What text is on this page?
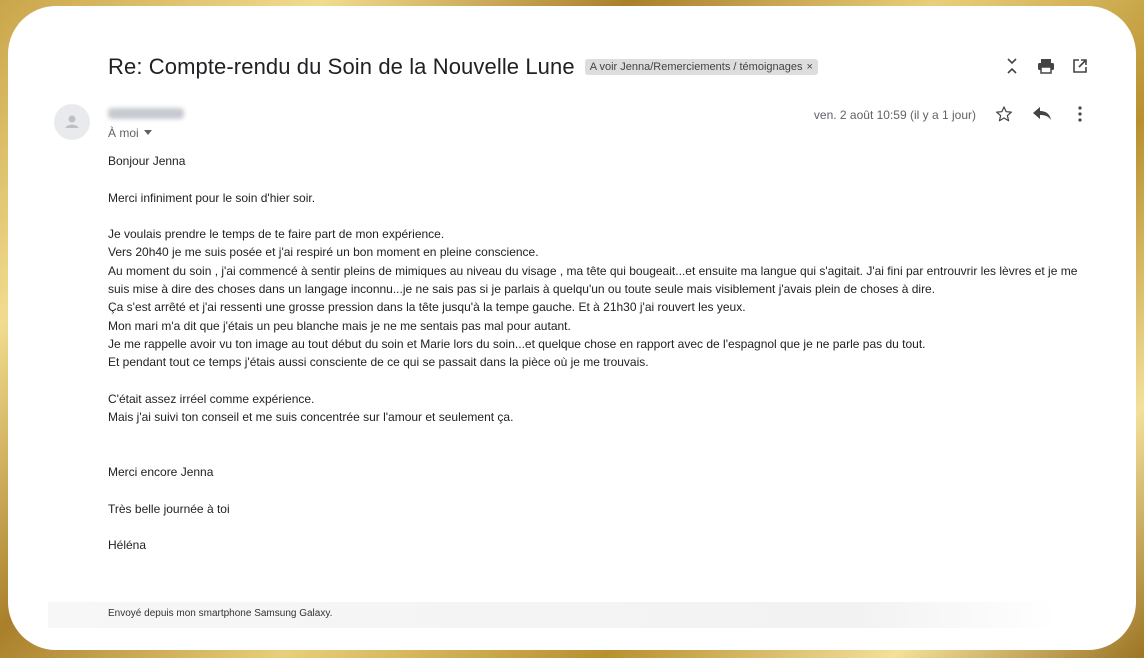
Re: Compte-rendu du Soin de la Nouvelle Lune A voir Jenna/Remerciements / témoignages ×
À moi
ven. 2 août 10:59 (il y a 1 jour)

Bonjour Jenna

Merci infiniment pour le soin d'hier soir.

Je voulais prendre le temps de te faire part de mon expérience.

Vers 20h40 je me suis posée et j'ai respiré un bon moment en pleine conscience.

Au moment du soin , j'ai commencé à sentir pleins de mimiques au niveau du visage , ma tête qui bougeait...et ensuite ma langue qui s'agitait. J'ai fini par entrouvrir les lèvres et je me suis mise à dire des choses dans un langage inconnu...je ne sais pas si je parlais à quelqu'un ou toute seule mais visiblement j'avais plein de choses à dire.

Ça s'est arrêté et j'ai ressenti une grosse pression dans la tête jusqu'à la tempe gauche. Et à 21h30 j'ai rouvert les yeux.

Mon mari m'a dit que j'étais un peu blanche mais je ne me sentais pas mal pour autant.

Je me rappelle avoir vu ton image au tout début du soin et Marie lors du soin...et quelque chose en rapport avec de l'espagnol que je ne parle pas du tout.

Et pendant tout ce temps j'étais aussi consciente de ce qui se passait dans la pièce où je me trouvais.

C'était assez irréel comme expérience.

Mais j'ai suivi ton conseil et me suis concentrée sur l'amour et seulement ça.

Merci encore Jenna

Très belle journée à toi

Héléna

Envoyé depuis mon smartphone Samsung Galaxy.
